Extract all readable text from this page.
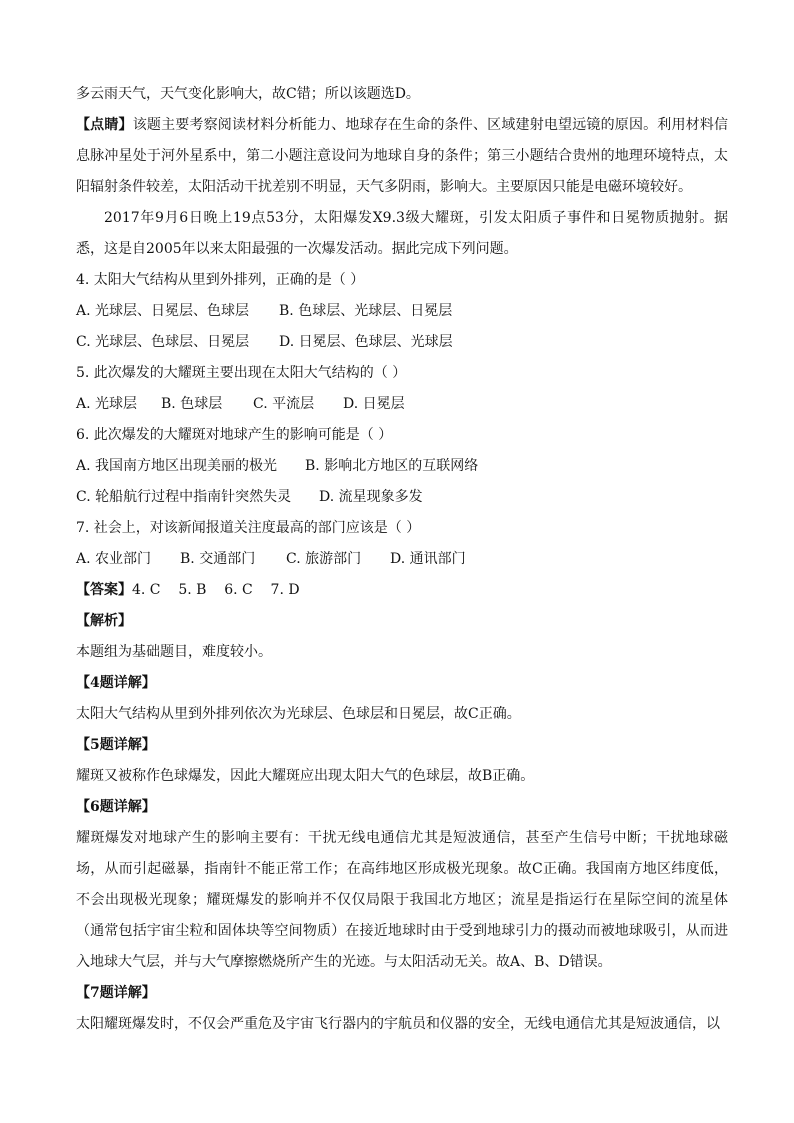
多云雨天气，天气变化影响大，故C错；所以该题选D。
【点睛】该题主要考察阅读材料分析能力、地球存在生命的条件、区域建射电望远镜的原因。利用材料信息脉冲星处于河外星系中，第二小题注意设问为地球自身的条件；第三小题结合贵州的地理环境特点，太阳辐射条件较差，太阳活动干扰差别不明显，天气多阴雨，影响大。主要原因只能是电磁环境较好。
2017年9月6日晚上19点53分，太阳爆发X9.3级大耀斑，引发太阳质子事件和日冕物质抛射。据悉，这是自2005年以来太阳最强的一次爆发活动。据此完成下列问题。
4. 太阳大气结构从里到外排列，正确的是（ ）
A. 光球层、日冕层、色球层	B. 色球层、光球层、日冕层
C. 光球层、色球层、日冕层	D. 日冕层、色球层、光球层
5. 此次爆发的大耀斑主要出现在太阳大气结构的（ ）
A. 光球层	B. 色球层	C. 平流层	D. 日冕层
6. 此次爆发的大耀斑对地球产生的影响可能是（ ）
A. 我国南方地区出现美丽的极光	B. 影响北方地区的互联网络
C. 轮船航行过程中指南针突然失灵	D. 流星现象多发
7. 社会上，对该新闻报道关注度最高的部门应该是（ ）
A. 农业部门	B. 交通部门	C. 旅游部门	D. 通讯部门
【答案】4. C    5. B    6. C    7. D
【解析】
本题组为基础题目，难度较小。
【4题详解】
太阳大气结构从里到外排列依次为光球层、色球层和日冕层，故C正确。
【5题详解】
耀斑又被称作色球爆发，因此大耀斑应出现太阳大气的色球层，故B正确。
【6题详解】
耀斑爆发对地球产生的影响主要有：干扰无线电通信尤其是短波通信，甚至产生信号中断；干扰地球磁场，从而引起磁暴，指南针不能正常工作；在高纬地区形成极光现象。故C正确。我国南方地区纬度低，不会出现极光现象；耀斑爆发的影响并不仅仅局限于我国北方地区；流星是指运行在星际空间的流星体（通常包括宇宙尘粒和固体块等空间物质）在接近地球时由于受到地球引力的摄动而被地球吸引，从而进入地球大气层，并与大气摩擦燃烧所产生的光迹。与太阳活动无关。故A、B、D错误。
【7题详解】
太阳耀斑爆发时，不仅会严重危及宇宙飞行器内的宇航员和仪器的安全，无线电通信尤其是短波通信，以
